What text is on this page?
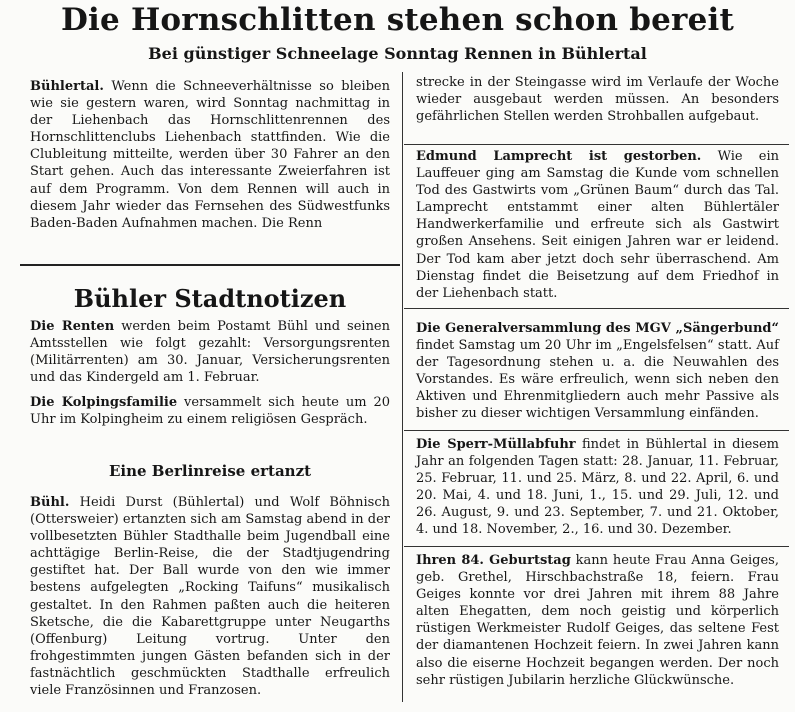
Die Hornschlitten stehen schon bereit
Bei günstiger Schneelage Sonntag Rennen in Bühlertal

Bühlertal. Wenn die Schneeverhältnisse so bleiben wie sie gestern waren, wird Sonntag nachmittag in der Liehenbach das Hornschlittenrennen des Hornschlittenclubs Liehenbach stattfinden. Wie die Clubleitung mitteilte, werden über 30 Fahrer an den Start gehen. Auch das interessante Zweierfahren ist auf dem Programm. Von dem Rennen will auch in diesem Jahr wieder das Fernsehen des Südwestfunks Baden-Baden Aufnahmen machen. Die Renn

Bühler Stadtnotizen

Die Renten werden beim Postamt Bühl und seinen Amtsstellen wie folgt gezahlt: Versorgungsrenten (Militärrenten) am 30. Januar, Versicherungsrenten und das Kindergeld am 1. Februar.

Die Kolpingsfamilie versammelt sich heute um 20 Uhr im Kolpingheim zu einem religiösen Gespräch.

Eine Berlinreise ertanzt

Bühl. Heidi Durst (Bühlertal) und Wolf Böhnisch (Ottersweier) ertanzten sich am Samstag abend in der vollbesetzten Bühler Stadthalle beim Jugendball eine achttägige Berlin-Reise, die der Stadtjugendring gestiftet hat. Der Ball wurde von den wie immer bestens aufgelegten „Rocking Taifuns“ musikalisch gestaltet. In den Rahmen paßten auch die heiteren Sketsche, die die Kabarettgruppe unter Neugarths (Offenburg) Leitung vortrug. Unter den frohgestimmten jungen Gästen befanden sich in der fastnächtlich geschmückten Stadthalle erfreulich viele Französinnen und Franzosen.

strecke in der Steingasse wird im Verlaufe der Woche wieder ausgebaut werden müssen. An besonders gefährlichen Stellen werden Strohballen aufgebaut.

Edmund Lamprecht ist gestorben. Wie ein Lauffeuer ging am Samstag die Kunde vom schnellen Tod des Gastwirts vom „Grünen Baum“ durch das Tal. Lamprecht entstammt einer alten Bühlertäler Handwerkerfamilie und erfreute sich als Gastwirt großen Ansehens. Seit einigen Jahren war er leidend. Der Tod kam aber jetzt doch sehr überraschend. Am Dienstag findet die Beisetzung auf dem Friedhof in der Liehenbach statt.

Die Generalversammlung des MGV „Sängerbund“ findet Samstag um 20 Uhr im „Engelsfelsen“ statt. Auf der Tagesordnung stehen u. a. die Neuwahlen des Vorstandes. Es wäre erfreulich, wenn sich neben den Aktiven und Ehrenmitgliedern auch mehr Passive als bisher zu dieser wichtigen Versammlung einfänden.

Die Sperr-Müllabfuhr findet in Bühlertal in diesem Jahr an folgenden Tagen statt: 28. Januar, 11. Februar, 25. Februar, 11. und 25. März, 8. und 22. April, 6. und 20. Mai, 4. und 18. Juni, 1., 15. und 29. Juli, 12. und 26. August, 9. und 23. September, 7. und 21. Oktober, 4. und 18. November, 2., 16. und 30. Dezember.

Ihren 84. Geburtstag kann heute Frau Anna Geiges, geb. Grethel, Hirschbachstraße 18, feiern. Frau Geiges konnte vor drei Jahren mit ihrem 88 Jahre alten Ehegatten, dem noch geistig und körperlich rüstigen Werkmeister Rudolf Geiges, das seltene Fest der diamantenen Hochzeit feiern. In zwei Jahren kann also die eiserne Hochzeit begangen werden. Der noch sehr rüstigen Jubilarin herzliche Glückwünsche.
